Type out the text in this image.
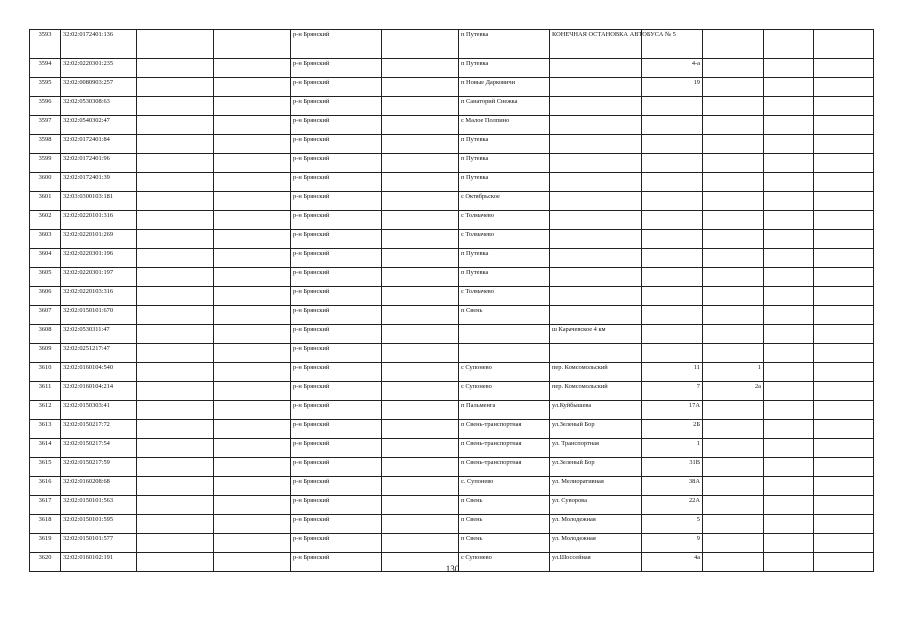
3593	32:02:0172401:136			р-н Брянский		п Путевка	КОНЕЧНАЯ ОСТАНОВКА АВТОБУСА № 5				
3594	32:02:0220301:235			р-н Брянский		п Путевка		4-а			
3595	32:02:0080903:257			р-н Брянский		п Новые Дарковичи		19			
3596	32:02:0530308:63			р-н Брянский		п Санаторий Снежка					
3597	32:02:0540302:47			р-н Брянский		с Малое Полпино					
3598	32:02:0172401:84			р-н Брянский		п Путевка					
3599	32:02:0172401:96			р-н Брянский		п Путевка					
3600	32:02:0172401:39			р-н Брянский		п Путевка					
3601	32:03:0300103:181			р-н Брянский		с Октябрьское					
3602	32:02:0220101:316			р-н Брянский		с Толмачево					
3603	32:02:0220101:269			р-н Брянский		с Толмачево					
3604	32:02:0220301:196			р-н Брянский		п Путевка					
3605	32:02:0220301:197			р-н Брянский		п Путевка					
3606	32:02:0220103:316			р-н Брянский		с Толмачево					
3607	32:02:0150101:670			р-н Брянский		п Свень					
3608	32:02:0530311:47			р-н Брянский			ш Карачевское 4 км				
3609	32:02:0251217:47			р-н Брянский							
3610	32:02:0160104:540			р-н Брянский		с Супонево	пер. Комсомольский	11	1		
3611	32:02:0160104:214			р-н Брянский		с Супонево	пер. Комсомольский	7	2а		
3612	32:02:0150303:41			р-н Брянский		п Пальменга	ул.Куйбышева	17А			
3613	32:02:0150217:72			р-н Брянский		п Свень-транспортная	ул.Зеленый Бор	2Б			
3614	32:02:0150217:54			р-н Брянский		п Свень-транспортная	ул. Транспортная	1			
3615	32:02:0150217:59			р-н Брянский		п Свень-транспортная	ул.Зеленый Бор	31В			
3616	32:02:0160208:68			р-н Брянский		с. Супонево	ул. Мелиоративная	38А			
3617	32:02:0150101:563			р-н Брянский		п Свень	ул. Суворова	22А			
3618	32:02:0150101:595			р-н Брянский		п Свень	ул. Молодежная	5			
3619	32:02:0150101:577			р-н Брянский		п Свень	ул. Молодежная	9			
3620	32:02:0160102:191			р-н Брянский		с Супонево	ул.Шоссейная	4а			
130
